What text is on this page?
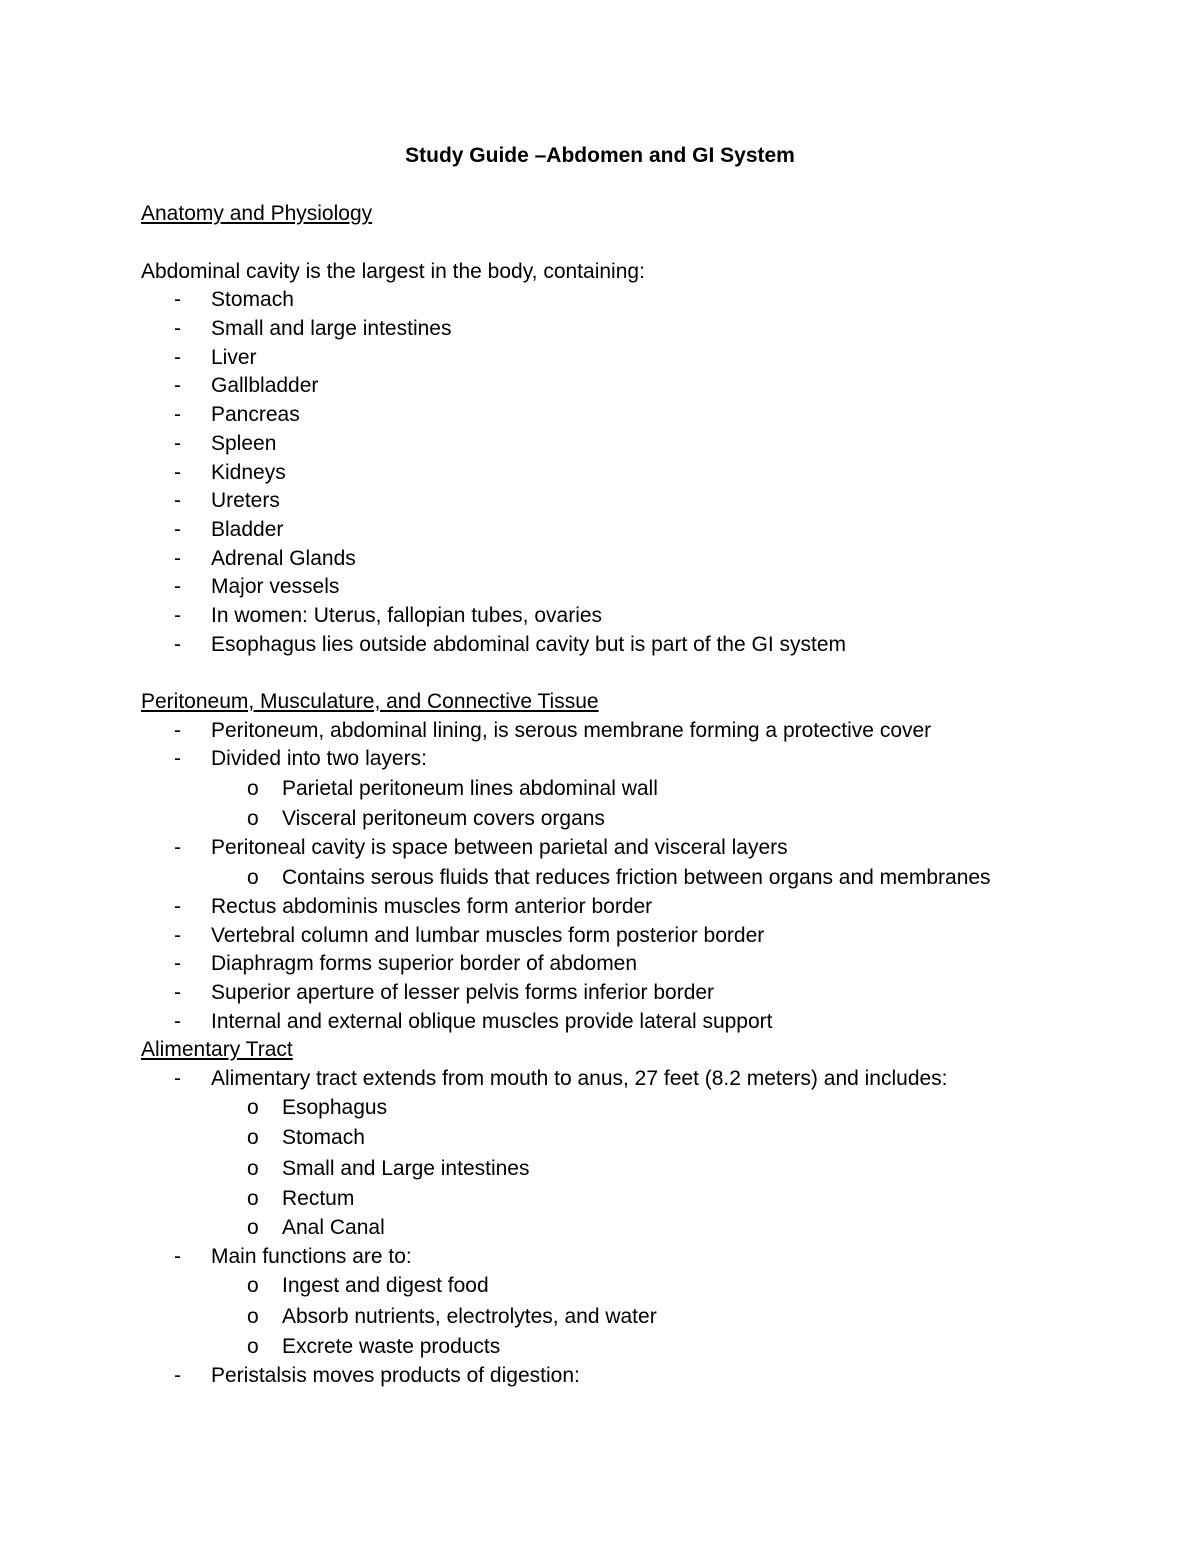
Study Guide –Abdomen and GI System
Anatomy and Physiology
Abdominal cavity is the largest in the body, containing:
- Stomach
- Small and large intestines
- Liver
- Gallbladder
- Pancreas
- Spleen
- Kidneys
- Ureters
- Bladder
- Adrenal Glands
- Major vessels
- In women: Uterus, fallopian tubes, ovaries
- Esophagus lies outside abdominal cavity but is part of the GI system
Peritoneum, Musculature, and Connective Tissue
- Peritoneum, abdominal lining, is serous membrane forming a protective cover
- Divided into two layers:
o Parietal peritoneum lines abdominal wall
o Visceral peritoneum covers organs
- Peritoneal cavity is space between parietal and visceral layers
o Contains serous fluids that reduces friction between organs and membranes
- Rectus abdominis muscles form anterior border
- Vertebral column and lumbar muscles form posterior border
- Diaphragm forms superior border of abdomen
- Superior aperture of lesser pelvis forms inferior border
- Internal and external oblique muscles provide lateral support
Alimentary Tract
- Alimentary tract extends from mouth to anus, 27 feet (8.2 meters) and includes:
o Esophagus
o Stomach
o Small and Large intestines
o Rectum
o Anal Canal
- Main functions are to:
o Ingest and digest food
o Absorb nutrients, electrolytes, and water
o Excrete waste products
- Peristalsis moves products of digestion:
